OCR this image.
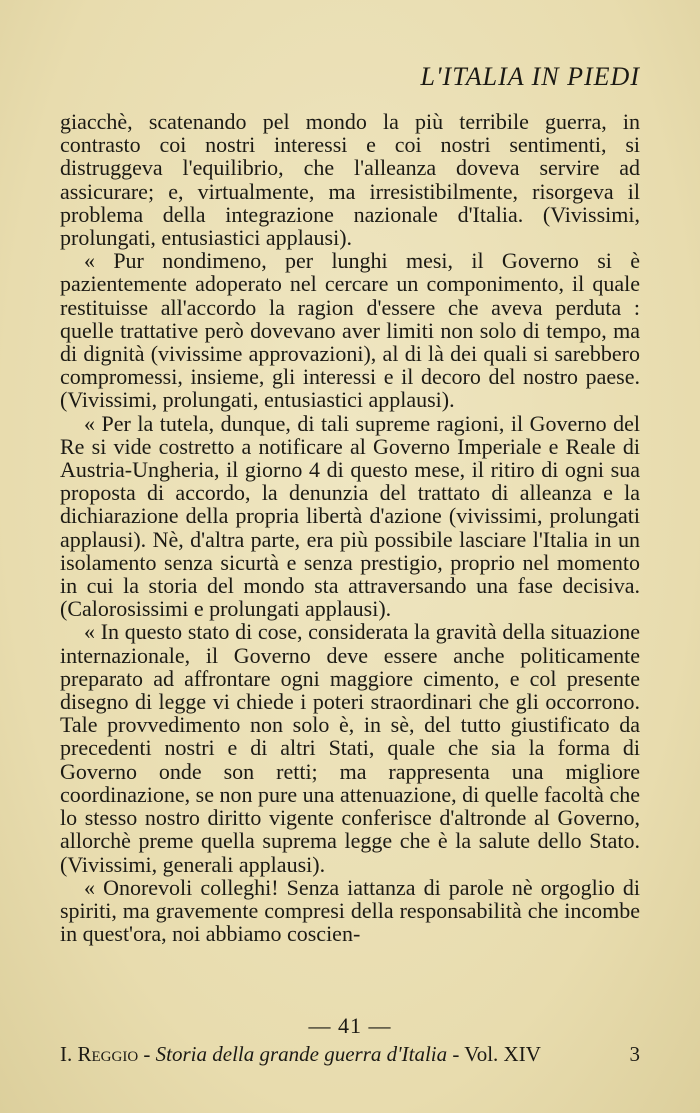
L'ITALIA IN PIEDI

giacchè, scatenando pel mondo la più terribile guerra, in contrasto coi nostri interessi e coi nostri sentimenti, si distruggeva l'equilibrio, che l'alleanza doveva servire ad assicurare; e, virtualmente, ma irresistibilmente, risorgeva il problema della integrazione nazionale d'Italia. (Vivissimi, prolungati, entusiastici applausi).

« Pur nondimeno, per lunghi mesi, il Governo si è pazientemente adoperato nel cercare un componimento, il quale restituisse all'accordo la ragion d'essere che aveva perduta : quelle trattative però dovevano aver limiti non solo di tempo, ma di dignità (vivissime approvazioni), al di là dei quali si sarebbero compromessi, insieme, gli interessi e il decoro del nostro paese. (Vivissimi, prolungati, entusiastici applausi).

« Per la tutela, dunque, di tali supreme ragioni, il Governo del Re si vide costretto a notificare al Governo Imperiale e Reale di Austria-Ungheria, il giorno 4 di questo mese, il ritiro di ogni sua proposta di accordo, la denunzia del trattato di alleanza e la dichiarazione della propria libertà d'azione (vivissimi, prolungati applausi). Nè, d'altra parte, era più possibile lasciare l'Italia in un isolamento senza sicurtà e senza prestigio, proprio nel momento in cui la storia del mondo sta attraversando una fase decisiva. (Calorosissimi e prolungati applausi).

« In questo stato di cose, considerata la gravità della situazione internazionale, il Governo deve essere anche politicamente preparato ad affrontare ogni maggiore cimento, e col presente disegno di legge vi chiede i poteri straordinari che gli occorrono. Tale provvedimento non solo è, in sè, del tutto giustificato da precedenti nostri e di altri Stati, quale che sia la forma di Governo onde son retti; ma rappresenta una migliore coordinazione, se non pure una attenuazione, di quelle facoltà che lo stesso nostro diritto vigente conferisce d'altronde al Governo, allorchè preme quella suprema legge che è la salute dello Stato. (Vivissimi, generali applausi).

« Onorevoli colleghi! Senza iattanza di parole nè orgoglio di spiriti, ma gravemente compresi della responsabilità che incombe in quest'ora, noi abbiamo coscien-

— 41 —
I. Reggio - Storia della grande guerra d'Italia - Vol. XIV	3
